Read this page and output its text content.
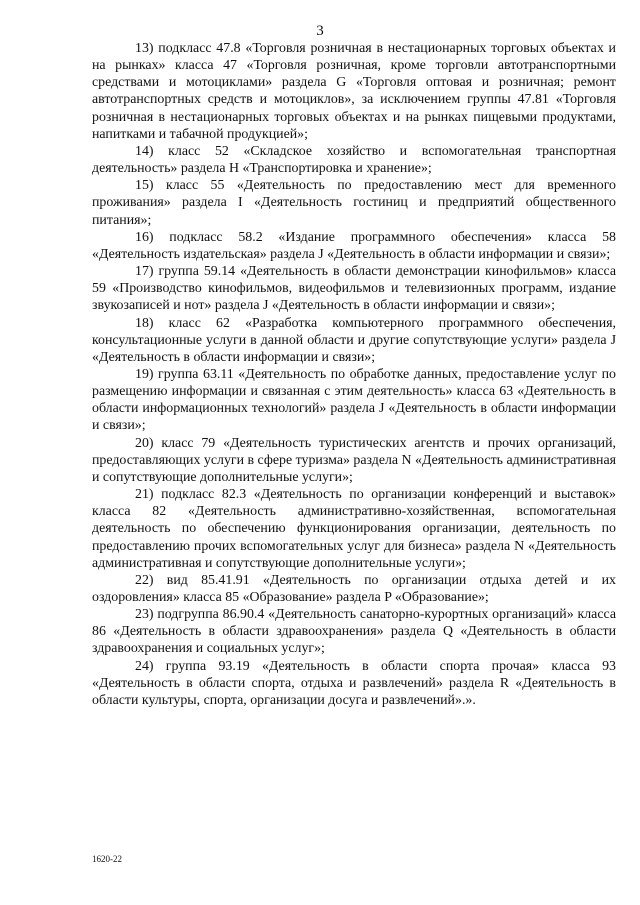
3

13) подкласс 47.8 «Торговля розничная в нестационарных торговых объектах и на рынках» класса 47 «Торговля розничная, кроме торговли автотранспортными средствами и мотоциклами» раздела G «Торговля оптовая и розничная; ремонт автотранспортных средств и мотоциклов», за исключением группы 47.81 «Торговля розничная в нестационарных торговых объектах и на рынках пищевыми продуктами, напитками и табачной продукцией»;

14) класс 52 «Складское хозяйство и вспомогательная транспортная деятельность» раздела H «Транспортировка и хранение»;

15) класс 55 «Деятельность по предоставлению мест для временного проживания» раздела I «Деятельность гостиниц и предприятий общественного питания»;

16) подкласс 58.2 «Издание программного обеспечения» класса 58 «Деятельность издательская» раздела J «Деятельность в области информации и связи»;

17) группа 59.14 «Деятельность в области демонстрации кинофильмов» класса 59 «Производство кинофильмов, видеофильмов и телевизионных программ, издание звукозаписей и нот» раздела J «Деятельность в области информации и связи»;

18) класс 62 «Разработка компьютерного программного обеспечения, консультационные услуги в данной области и другие сопутствующие услуги» раздела J «Деятельность в области информации и связи»;

19) группа 63.11 «Деятельность по обработке данных, предоставление услуг по размещению информации и связанная с этим деятельность» класса 63 «Деятельность в области информационных технологий» раздела J «Деятельность в области информации и связи»;

20) класс 79 «Деятельность туристических агентств и прочих организаций, предоставляющих услуги в сфере туризма» раздела N «Деятельность административная и сопутствующие дополнительные услуги»;

21) подкласс 82.3 «Деятельность по организации конференций и выставок» класса 82 «Деятельность административно-хозяйственная, вспомогательная деятельность по обеспечению функционирования организации, деятельность по предоставлению прочих вспомогательных услуг для бизнеса» раздела N «Деятельность административная и сопутствующие дополнительные услуги»;

22) вид 85.41.91 «Деятельность по организации отдыха детей и их оздоровления» класса 85 «Образование» раздела P «Образование»;

23) подгруппа 86.90.4 «Деятельность санаторно-курортных организаций» класса 86 «Деятельность в области здравоохранения» раздела Q «Деятельность в области здравоохранения и социальных услуг»;

24) группа 93.19 «Деятельность в области спорта прочая» класса 93 «Деятельность в области спорта, отдыха и развлечений» раздела R «Деятельность в области культуры, спорта, организации досуга и развлечений».».

1620-22
